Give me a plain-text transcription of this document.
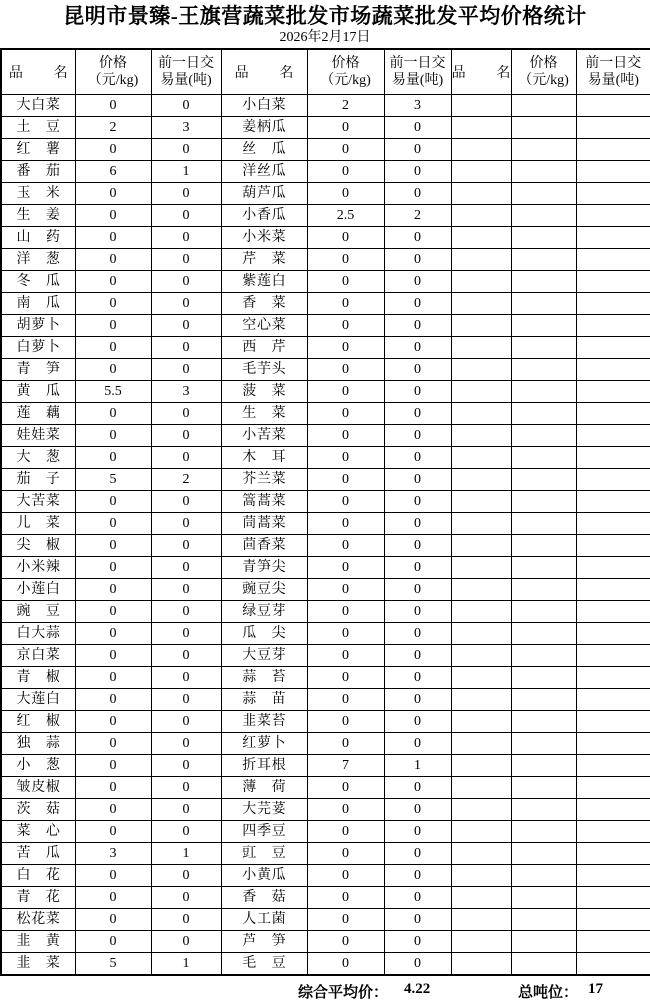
昆明市景臻-王旗营蔬菜批发市场蔬菜批发平均价格统计
2026年2月17日
品名	价格（元/kg)	前一日交易量(吨)	品名	价格（元/kg)	前一日交易量(吨)	品名	价格（元/kg)	前一日交易量(吨)

大白菜	0	0	小白菜	2	3			

土豆	2	3	姜柄瓜	0	0			

红薯	0	0	丝瓜	0	0			

番茄	6	1	洋丝瓜	0	0			

玉米	0	0	葫芦瓜	0	0			

生姜	0	0	小香瓜	2.5	2			

山药	0	0	小米菜	0	0			

洋葱	0	0	芹菜	0	0			

冬瓜	0	0	紫莲白	0	0			

南瓜	0	0	香菜	0	0			

胡萝卜	0	0	空心菜	0	0			

白萝卜	0	0	西芹	0	0			

青笋	0	0	毛芋头	0	0			

黄瓜	5.5	3	菠菜	0	0			

莲藕	0	0	生菜	0	0			

娃娃菜	0	0	小苦菜	0	0			

大葱	0	0	木耳	0	0			

茄子	5	2	芥兰菜	0	0			

大苦菜	0	0	篙蒿菜	0	0			

儿菜	0	0	茼蒿菜	0	0			

尖椒	0	0	茴香菜	0	0			

小米辣	0	0	青笋尖	0	0			

小莲白	0	0	豌豆尖	0	0			

豌豆	0	0	绿豆芽	0	0			

白大蒜	0	0	瓜尖	0	0			

京白菜	0	0	大豆芽	0	0			

青椒	0	0	蒜苔	0	0			

大莲白	0	0	蒜苗	0	0			

红椒	0	0	韭菜苔	0	0			

独蒜	0	0	红萝卜	0	0			

小葱	0	0	折耳根	7	1			

皱皮椒	0	0	薄荷	0	0			

茨菇	0	0	大芫荽	0	0			

菜心	0	0	四季豆	0	0			

苦瓜	3	1	豇豆	0	0			

白花	0	0	小黄瓜	0	0			

青花	0	0	香菇	0	0			

松花菜	0	0	人工菌	0	0			

韭黄	0	0	芦笋	0	0			

韭菜	5	1	毛豆	0	0			
综合平均价： 4.22	总吨位： 17
